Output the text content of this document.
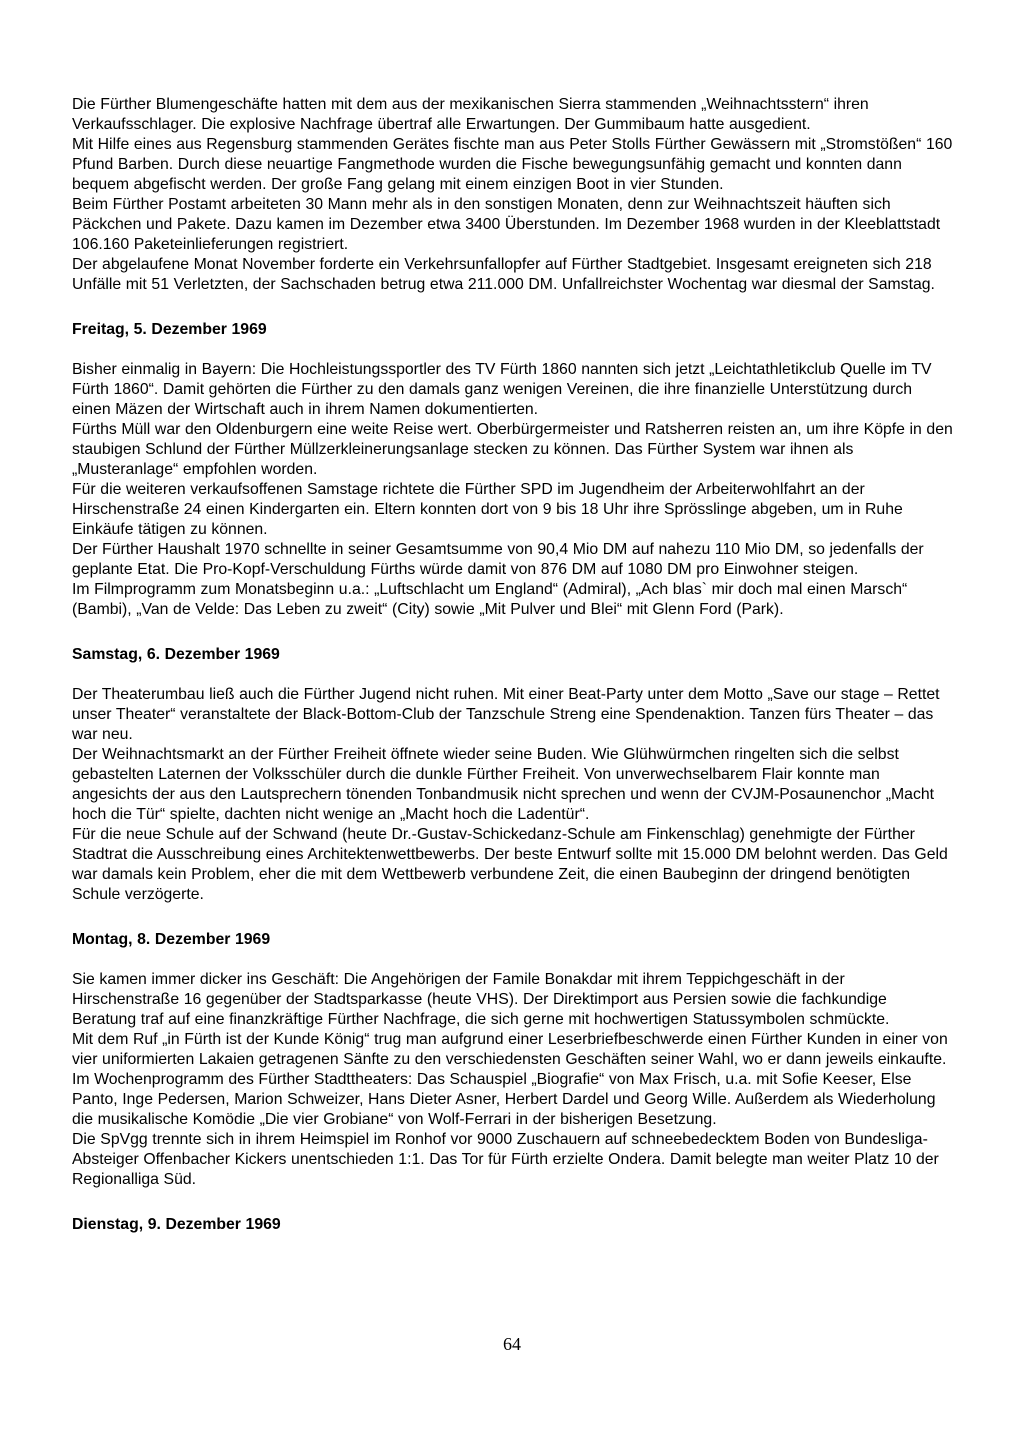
Die Fürther Blumengeschäfte hatten mit dem aus der mexikanischen Sierra stammenden „Weihnachtsstern“ ihren Verkaufsschlager. Die explosive Nachfrage übertraf alle Erwartungen. Der Gummibaum hatte ausgedient.

Mit Hilfe eines aus Regensburg stammenden Gerätes fischte man aus Peter Stolls Fürther Gewässern mit „Stromstößen“ 160 Pfund Barben. Durch diese neuartige Fangmethode wurden die Fische bewegungsunfähig gemacht und konnten dann bequem abgefischt werden. Der große Fang gelang mit einem einzigen Boot in vier Stunden.

Beim Fürther Postamt arbeiteten 30 Mann mehr als in den sonstigen Monaten, denn zur Weihnachtszeit häuften sich Päckchen und Pakete. Dazu kamen im Dezember etwa 3400 Überstunden. Im Dezember 1968 wurden in der Kleeblattstadt 106.160 Paketeinlieferungen registriert.

Der abgelaufene Monat November forderte ein Verkehrsunfallopfer auf Fürther Stadtgebiet. Insgesamt ereigneten sich 218 Unfälle mit 51 Verletzten, der Sachschaden betrug etwa 211.000 DM. Unfallreichster Wochentag war diesmal der Samstag.

Freitag, 5. Dezember 1969

Bisher einmalig in Bayern: Die Hochleistungssportler des TV Fürth 1860 nannten sich jetzt „Leichtathletikclub Quelle im TV Fürth 1860“. Damit gehörten die Fürther zu den damals ganz wenigen Vereinen, die ihre finanzielle Unterstützung durch einen Mäzen der Wirtschaft auch in ihrem Namen dokumentierten.

Fürths Müll war den Oldenburgern eine weite Reise wert. Oberbürgermeister und Ratsherren reisten an, um ihre Köpfe in den staubigen Schlund der Fürther Müllzerkleinerungsanlage stecken zu können. Das Fürther System war ihnen als „Musteranlage“ empfohlen worden.

Für die weiteren verkaufsoffenen Samstage richtete die Fürther SPD im Jugendheim der Arbeiterwohlfahrt an der Hirschenstraße 24 einen Kindergarten ein. Eltern konnten dort von 9 bis 18 Uhr ihre Sprösslinge abgeben, um in Ruhe Einkäufe tätigen zu können.

Der Fürther Haushalt 1970 schnellte in seiner Gesamtsumme von 90,4 Mio DM auf nahezu 110 Mio DM, so jedenfalls der geplante Etat. Die Pro-Kopf-Verschuldung Fürths würde damit von 876 DM auf 1080 DM pro Einwohner steigen.

Im Filmprogramm zum Monatsbeginn u.a.: „Luftschlacht um England“ (Admiral), „Ach blas` mir doch mal einen Marsch“ (Bambi), „Van de Velde: Das Leben zu zweit“ (City) sowie „Mit Pulver und Blei“ mit Glenn Ford (Park).

Samstag, 6. Dezember 1969

Der Theaterumbau ließ auch die Fürther Jugend nicht ruhen. Mit einer Beat-Party unter dem Motto „Save our stage – Rettet unser Theater“ veranstaltete der Black-Bottom-Club der Tanzschule Streng eine Spendenaktion. Tanzen fürs Theater – das war neu.

Der Weihnachtsmarkt an der Fürther Freiheit öffnete wieder seine Buden. Wie Glühwürmchen ringelten sich die selbst gebastelten Laternen der Volksschüler durch die dunkle Fürther Freiheit. Von unverwechselbarem Flair konnte man angesichts der aus den Lautsprechern tönenden Tonbandmusik nicht sprechen und wenn der CVJM-Posaunenchor „Macht hoch die Tür“ spielte, dachten nicht wenige an „Macht hoch die Ladentür“.

Für die neue Schule auf der Schwand (heute Dr.-Gustav-Schickedanz-Schule am Finkenschlag) genehmigte der Fürther Stadtrat die Ausschreibung eines Architektenwettbewerbs. Der beste Entwurf sollte mit 15.000 DM belohnt werden. Das Geld war damals kein Problem, eher die mit dem Wettbewerb verbundene Zeit, die einen Baubeginn der dringend benötigten Schule verzögerte.

Montag, 8. Dezember 1969

Sie kamen immer dicker ins Geschäft: Die Angehörigen der Famile Bonakdar mit ihrem Teppichgeschäft in der Hirschenstraße 16 gegenüber der Stadtsparkasse (heute VHS). Der Direktimport aus Persien sowie die fachkundige Beratung traf auf eine finanzkräftige Fürther Nachfrage, die sich gerne mit hochwertigen Statussymbolen schmückte.

Mit dem Ruf „in Fürth ist der Kunde König“ trug man aufgrund einer Leserbriefbeschwerde einen Fürther Kunden in einer von vier uniformierten Lakaien getragenen Sänfte zu den verschiedensten Geschäften seiner Wahl, wo er dann jeweils einkaufte.

Im Wochenprogramm des Fürther Stadttheaters: Das Schauspiel „Biografie“ von Max Frisch, u.a. mit Sofie Keeser, Else Panto, Inge Pedersen, Marion Schweizer, Hans Dieter Asner, Herbert Dardel und Georg Wille. Außerdem als Wiederholung die musikalische Komödie „Die vier Grobiane“ von Wolf-Ferrari in der bisherigen Besetzung.

Die SpVgg trennte sich in ihrem Heimspiel im Ronhof vor 9000 Zuschauern auf schneebedecktem Boden von Bundesliga-Absteiger Offenbacher Kickers unentschieden 1:1. Das Tor für Fürth erzielte Ondera. Damit belegte man weiter Platz 10 der Regionalliga Süd.

Dienstag, 9. Dezember 1969
64
